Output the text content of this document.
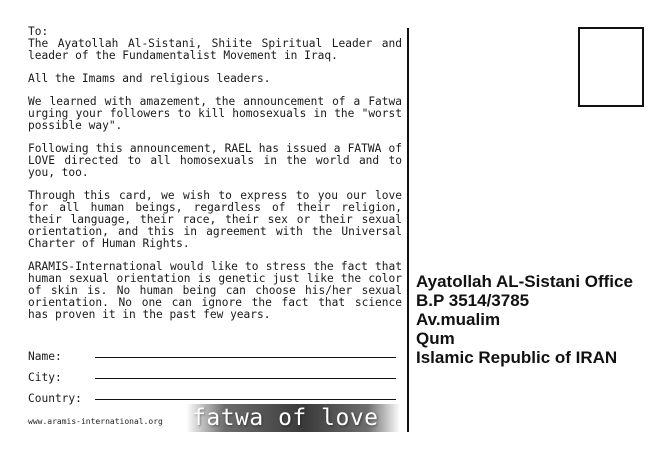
To:

The Ayatollah Al-Sistani, Shiite Spiritual Leader and leader of the Fundamentalist Movement in Iraq.

All the Imams and religious leaders.

We learned with amazement, the announcement of a Fatwa urging your followers to kill homosexuals in the "worst possible way".

Following this announcement, RAEL has issued a FATWA of LOVE directed to all homosexuals in the world and to you, too.

Through this card, we wish to express to you our love for all human beings, regardless of their religion, their language, their race, their sex or their sexual orientation, and this in agreement with the Universal Charter of Human Rights.

ARAMIS-International would like to stress the fact that human sexual orientation is genetic just like the color of skin is. No human being can choose his/her sexual orientation. No one can ignore the fact that science has proven it in the past few years.

Name:
City:
Country:
www.aramis-international.org fatwa of love
Ayatollah AL-Sistani Office
B.P 3514/3785
Av.mualim
Qum
Islamic Republic of IRAN
